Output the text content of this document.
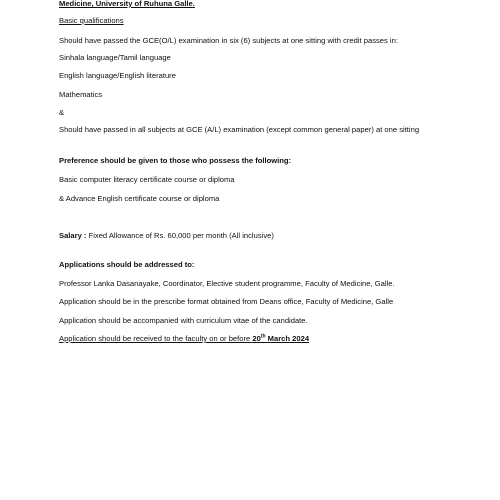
Medicine, University of Ruhuna Galle.
Basic qualifications
Should have passed the GCE(O/L) examination in six (6) subjects at one sitting with credit passes in:
Sinhala language/Tamil language
English language/English literature
Mathematics
&
Should have passed in all subjects at GCE (A/L) examination (except common general paper) at one sitting
Preference should be given to those who possess the following:
Basic computer literacy certificate course or diploma
& Advance English certificate course or diploma
Salary : Fixed Allowance of Rs. 60,000 per month (All inclusive)
Applications should be addressed to:
Professor Lanka Dasanayake, Coordinator, Elective student programme, Faculty of Medicine, Galle.
Application should be in the prescribe format obtained from Deans office, Faculty of Medicine, Galle
Application should be accompanied with curriculum vitae of the candidate.
Application should be received to the faculty on or before 20th March 2024
